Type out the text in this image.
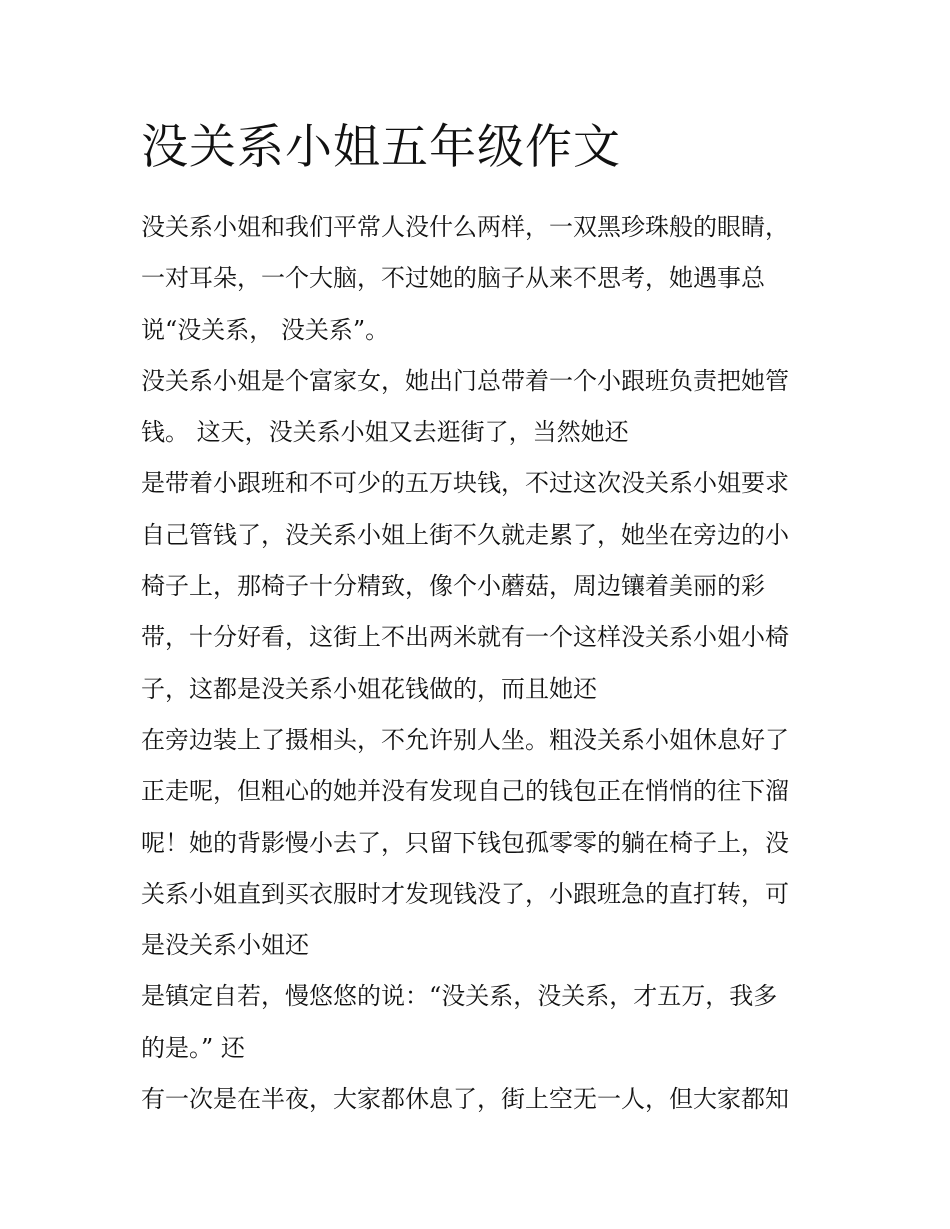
没关系小姐五年级作文
没关系小姐和我们平常人没什么两样，一双黑珍珠般的眼睛，
一对耳朵，一个大脑，不过她的脑子从来不思考，她遇事总
说“没关系， 没关系”。
没关系小姐是个富家女，她出门总带着一个小跟班负责把她管
钱。 这天，没关系小姐又去逛街了，当然她还
是带着小跟班和不可少的五万块钱，不过这次没关系小姐要求
自己管钱了，没关系小姐上街不久就走累了，她坐在旁边的小
椅子上，那椅子十分精致，像个小蘑菇，周边镶着美丽的彩
带，十分好看，这街上不出两米就有一个这样没关系小姐小椅
子，这都是没关系小姐花钱做的，而且她还
在旁边装上了摄相头，不允许别人坐。粗没关系小姐休息好了
正走呢，但粗心的她并没有发现自己的钱包正在悄悄的往下溜
呢！她的背影慢小去了，只留下钱包孤零零的躺在椅子上，没
关系小姐直到买衣服时才发现钱没了，小跟班急的直打转，可
是没关系小姐还
是镇定自若，慢悠悠的说：“没关系，没关系，才五万，我多
的是。” 还
有一次是在半夜，大家都休息了，街上空无一人，但大家都知
